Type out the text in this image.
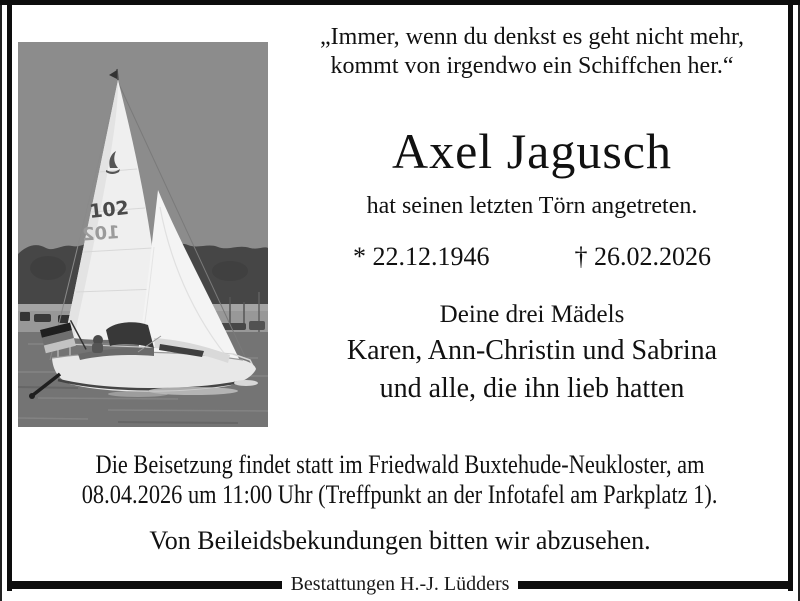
102
102
„Immer, wenn du denkst es geht nicht mehr,
kommt von irgendwo ein Schiffchen her.“
Axel Jagusch
hat seinen letzten Törn angetreten.
* 22.12.1946	† 26.02.2026
Deine drei Mädels
Karen, Ann-Christin und Sabrina
und alle, die ihn lieb hatten
Die Beisetzung findet statt im Friedwald Buxtehude-Neukloster, am
08.04.2026 um 11:00 Uhr (Treffpunkt an der Infotafel am Parkplatz 1).
Von Beileidsbekundungen bitten wir abzusehen.
Bestattungen H.-J. Lüdders
